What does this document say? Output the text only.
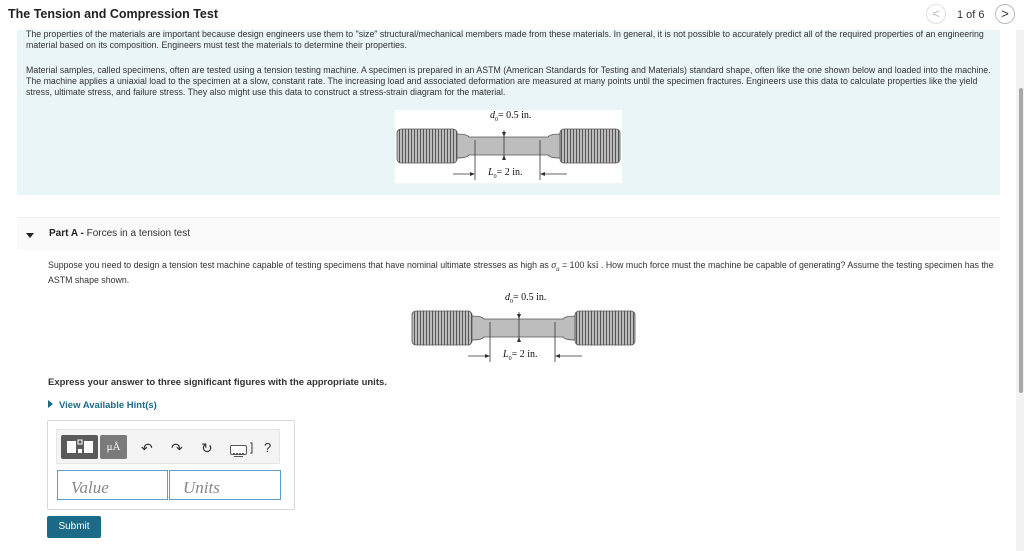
The Tension and Compression Test	<	1 of 6	>

The properties of the materials are important because design engineers use them to "size" structural/mechanical members made from these materials. In general, it is not possible to accurately predict all of the required properties of an engineering material based on its composition. Engineers must test the materials to determine their properties.

Material samples, called specimens, often are tested using a tension testing machine. A specimen is prepared in an ASTM (American Standards for Testing and Materials) standard shape, often like the one shown below and loaded into the machine. The machine applies a uniaxial load to the specimen at a slow, constant rate. The increasing load and associated deformation are measured at many points until the specimen fractures. Engineers use this data to calculate properties like the yield stress, ultimate stress, and failure stress. They also might use this data to construct a stress-strain diagram for the material.

$d_0= 0.5$ in.
$L_0= 2$ in.
Part A - Forces in a tension test
Suppose you need to design a tension test machine capable of testing specimens that have nominal ultimate stresses as high as $\sigma_u = 100$ ksi . How much force must the machine be capable of generating? Assume the testing specimen has the ASTM shape shown.
$d_0= 0.5$ in.
$L_0= 2$ in.
Express your answer to three significant figures with the appropriate units.
View Available Hint(s)
μÅ	↶ ↷ ↻	] ?
Value
Units
Submit
